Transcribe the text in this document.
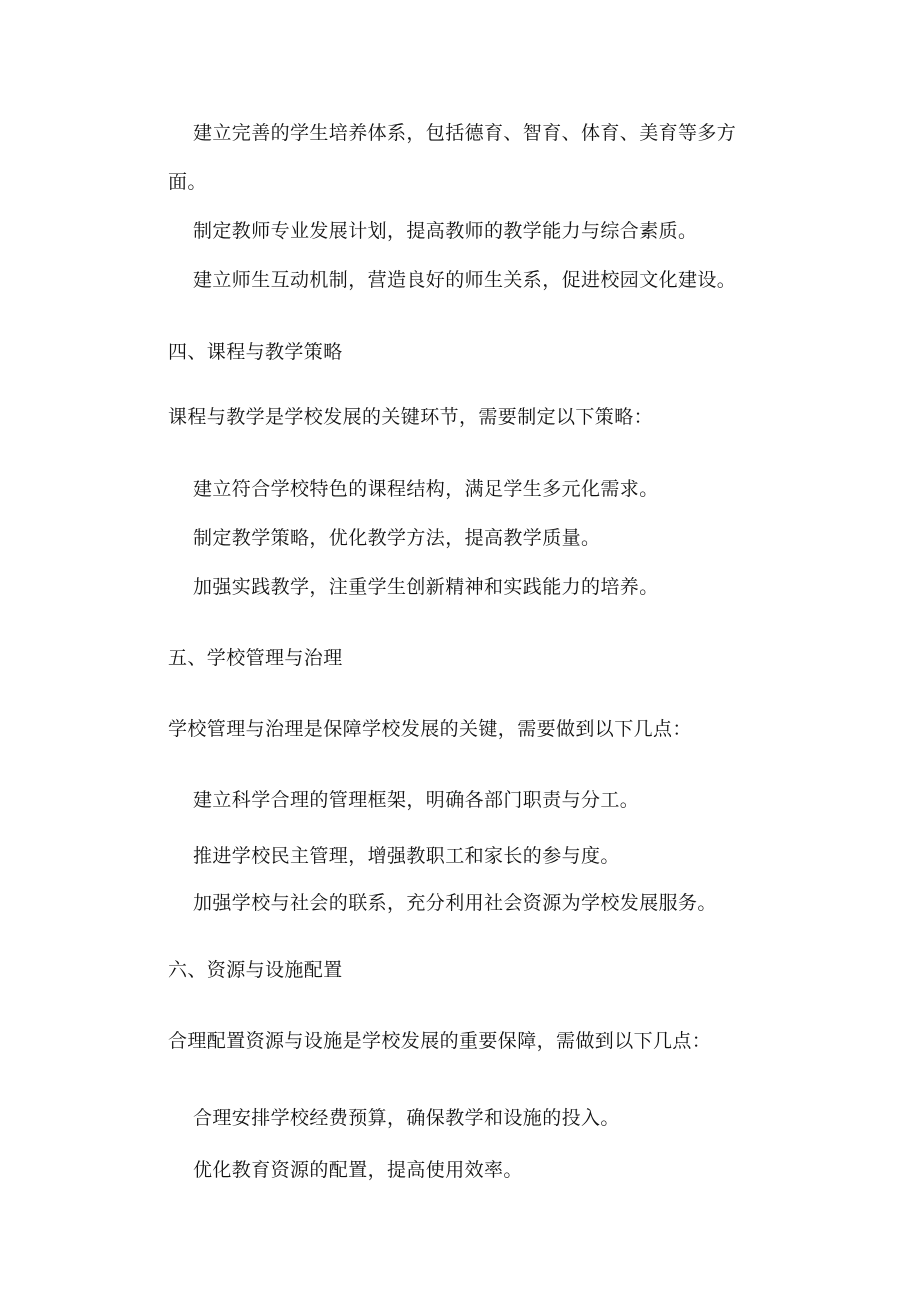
建立完善的学生培养体系，包括德育、智育、体育、美育等多方

面。

制定教师专业发展计划，提高教师的教学能力与综合素质。

建立师生互动机制，营造良好的师生关系，促进校园文化建设。

四、课程与教学策略

课程与教学是学校发展的关键环节，需要制定以下策略：

建立符合学校特色的课程结构，满足学生多元化需求。

制定教学策略，优化教学方法，提高教学质量。

加强实践教学，注重学生创新精神和实践能力的培养。

五、学校管理与治理

学校管理与治理是保障学校发展的关键，需要做到以下几点：

建立科学合理的管理框架，明确各部门职责与分工。

推进学校民主管理，增强教职工和家长的参与度。

加强学校与社会的联系，充分利用社会资源为学校发展服务。

六、资源与设施配置

合理配置资源与设施是学校发展的重要保障，需做到以下几点：

合理安排学校经费预算，确保教学和设施的投入。

优化教育资源的配置，提高使用效率。
